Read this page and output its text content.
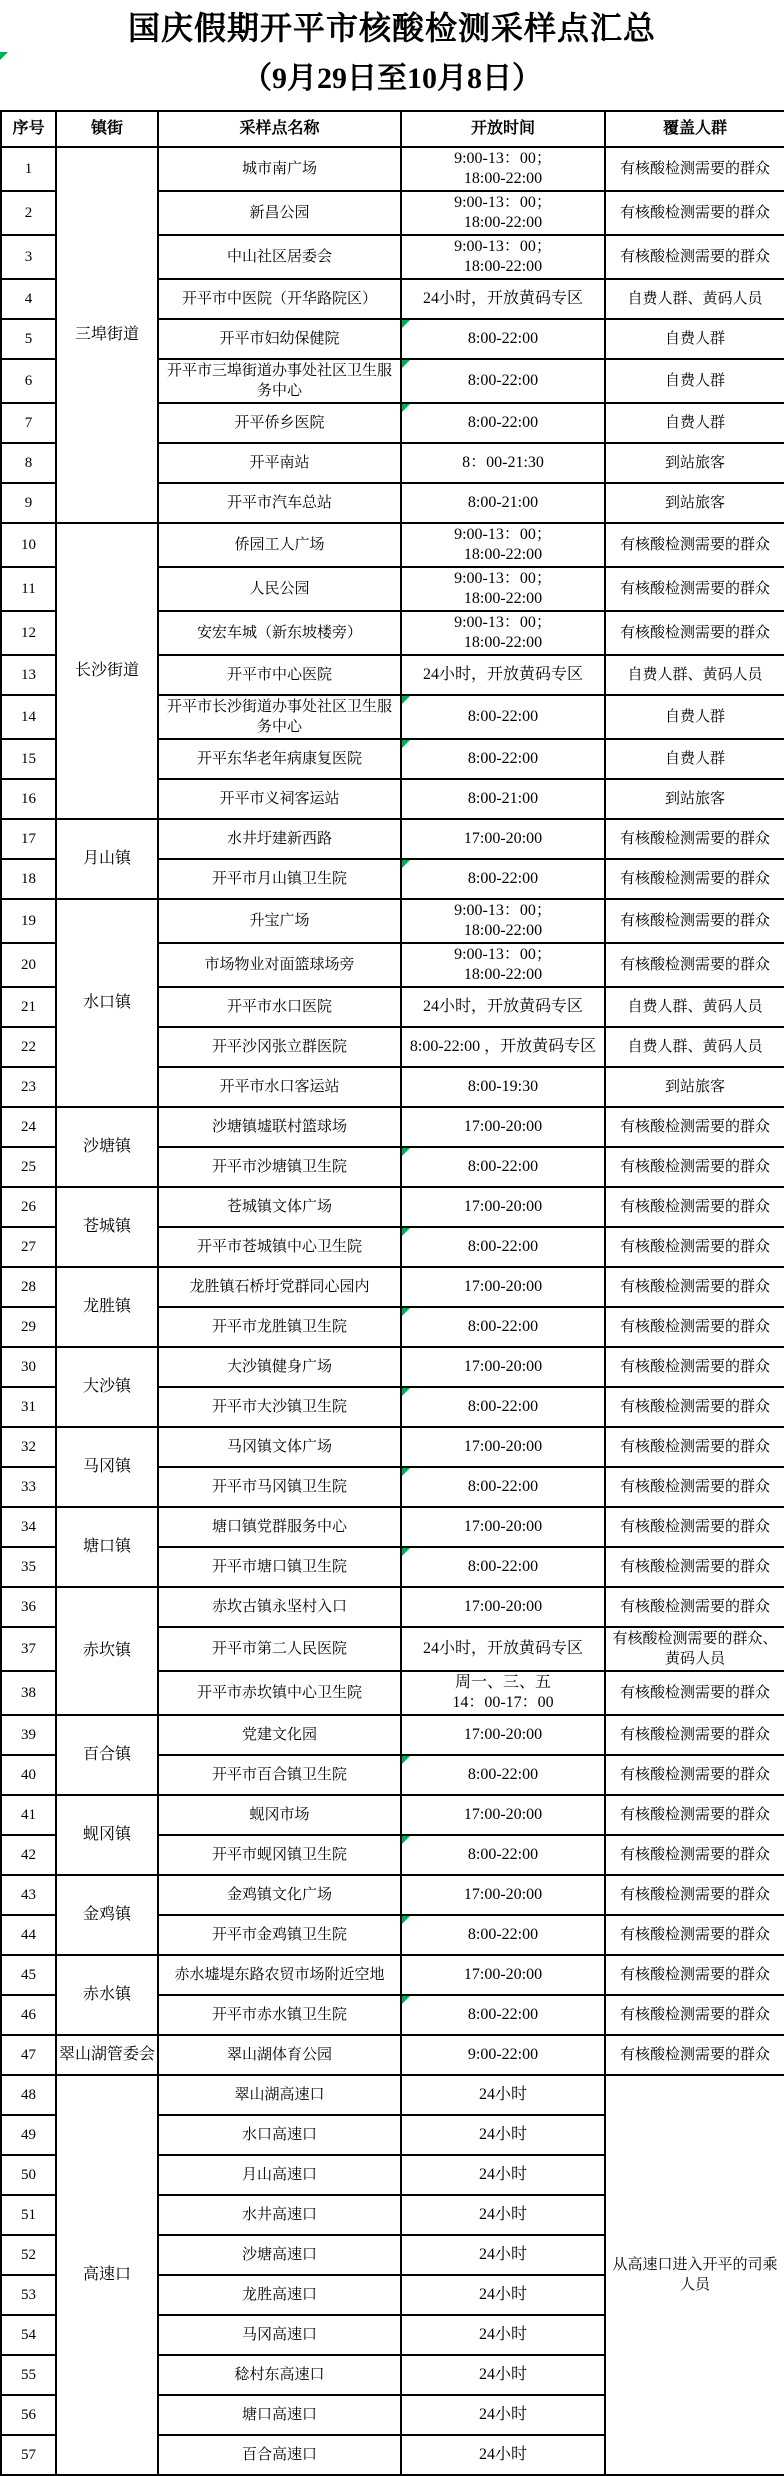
国庆假期开平市核酸检测采样点汇总
（9月29日至10月8日）
序号	镇街	采样点名称	开放时间	覆盖人群
1	三埠街道	城市南广场	9:00-13：00；
18:00-22:00	有核酸检测需要的群众
2		新昌公园	9:00-13：00；
18:00-22:00	有核酸检测需要的群众
3		中山社区居委会	9:00-13：00；
18:00-22:00	有核酸检测需要的群众
4		开平市中医院（开华路院区）	24小时，开放黄码专区	自费人群、黄码人员
5		开平市妇幼保健院	8:00-22:00	自费人群
6		开平市三埠街道办事处社区卫生服务中心	8:00-22:00	自费人群
7		开平侨乡医院	8:00-22:00	自费人群
8		开平南站	8：00-21:30	到站旅客
9		开平市汽车总站	8:00-21:00	到站旅客
10	长沙街道	侨园工人广场	9:00-13：00；
18:00-22:00	有核酸检测需要的群众
11		人民公园	9:00-13：00；
18:00-22:00	有核酸检测需要的群众
12		安宏车城（新东坡楼旁）	9:00-13：00；
18:00-22:00	有核酸检测需要的群众
13		开平市中心医院	24小时，开放黄码专区	自费人群、黄码人员
14		开平市长沙街道办事处社区卫生服务中心	8:00-22:00	自费人群
15		开平东华老年病康复医院	8:00-22:00	自费人群
16		开平市义祠客运站	8:00-21:00	到站旅客
17	月山镇	水井圩建新西路	17:00-20:00	有核酸检测需要的群众
18		开平市月山镇卫生院	8:00-22:00	有核酸检测需要的群众
19	水口镇	升宝广场	9:00-13：00；
18:00-22:00	有核酸检测需要的群众
20		市场物业对面篮球场旁	9:00-13：00；
18:00-22:00	有核酸检测需要的群众
21		开平市水口医院	24小时，开放黄码专区	自费人群、黄码人员
22		开平沙冈张立群医院	8:00-22:00 ，开放黄码专区	自费人群、黄码人员
23		开平市水口客运站	8:00-19:30	到站旅客
24	沙塘镇	沙塘镇墟联村篮球场	17:00-20:00	有核酸检测需要的群众
25		开平市沙塘镇卫生院	8:00-22:00	有核酸检测需要的群众
26	苍城镇	苍城镇文体广场	17:00-20:00	有核酸检测需要的群众
27		开平市苍城镇中心卫生院	8:00-22:00	有核酸检测需要的群众
28	龙胜镇	龙胜镇石桥圩党群同心园内	17:00-20:00	有核酸检测需要的群众
29		开平市龙胜镇卫生院	8:00-22:00	有核酸检测需要的群众
30	大沙镇	大沙镇健身广场	17:00-20:00	有核酸检测需要的群众
31		开平市大沙镇卫生院	8:00-22:00	有核酸检测需要的群众
32	马冈镇	马冈镇文体广场	17:00-20:00	有核酸检测需要的群众
33		开平市马冈镇卫生院	8:00-22:00	有核酸检测需要的群众
34	塘口镇	塘口镇党群服务中心	17:00-20:00	有核酸检测需要的群众
35		开平市塘口镇卫生院	8:00-22:00	有核酸检测需要的群众
36	赤坎镇	赤坎古镇永坚村入口	17:00-20:00	有核酸检测需要的群众
37		开平市第二人民医院	24小时，开放黄码专区	有核酸检测需要的群众、黄码人员
38		开平市赤坎镇中心卫生院	周一、三、五
14：00-17：00	有核酸检测需要的群众
39	百合镇	党建文化园	17:00-20:00	有核酸检测需要的群众
40		开平市百合镇卫生院	8:00-22:00	有核酸检测需要的群众
41	蚬冈镇	蚬冈市场	17:00-20:00	有核酸检测需要的群众
42		开平市蚬冈镇卫生院	8:00-22:00	有核酸检测需要的群众
43	金鸡镇	金鸡镇文化广场	17:00-20:00	有核酸检测需要的群众
44		开平市金鸡镇卫生院	8:00-22:00	有核酸检测需要的群众
45	赤水镇	赤水墟堤东路农贸市场附近空地	17:00-20:00	有核酸检测需要的群众
46		开平市赤水镇卫生院	8:00-22:00	有核酸检测需要的群众
47	翠山湖管委会	翠山湖体育公园	9:00-22:00	有核酸检测需要的群众
48	高速口	翠山湖高速口	24小时	从高速口进入开平的司乘人员
49		水口高速口	24小时	

50		月山高速口	24小时	

51		水井高速口	24小时	

52		沙塘高速口	24小时	

53		龙胜高速口	24小时	

54		马冈高速口	24小时	

55		稔村东高速口	24小时	

56		塘口高速口	24小时	

57		百合高速口	24小时	
